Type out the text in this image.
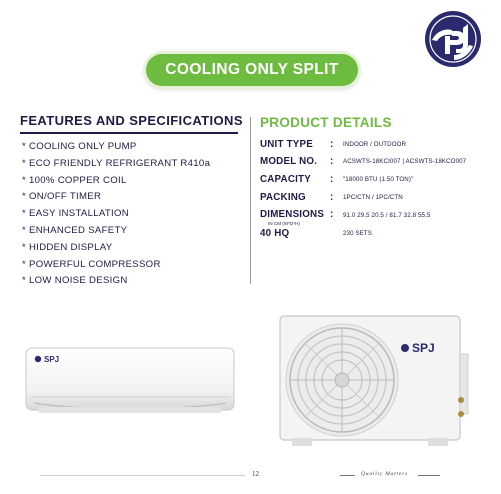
COOLING ONLY SPLIT
FEATURES AND SPECIFICATIONS
* COOLING ONLY PUMP
* ECO FRIENDLY REFRIGERANT R410a
* 100% COPPER COIL
* ON/OFF TIMER
* EASY INSTALLATION
* ENHANCED SAFETY
* HIDDEN DISPLAY
* POWERFUL COMPRESSOR
* LOW NOISE DESIGN
PRODUCT DETAILS
UNIT TYPE : INDOOR / OUTDOOR
MODEL NO. : ACSWTS-18KCI007 | ACSWTS-18KCO007
CAPACITY : "18000 BTU (1.50 TON)"
PACKING : 1PC/CTN / 1PC/CTN
DIMENSIONS
IN CM (W*D*H)
: 91.0 29.5 20.5 / 81.7 32.8 55.5
40 HQ	230 SETS
SPJ
SPJ
12	Quality Matters
